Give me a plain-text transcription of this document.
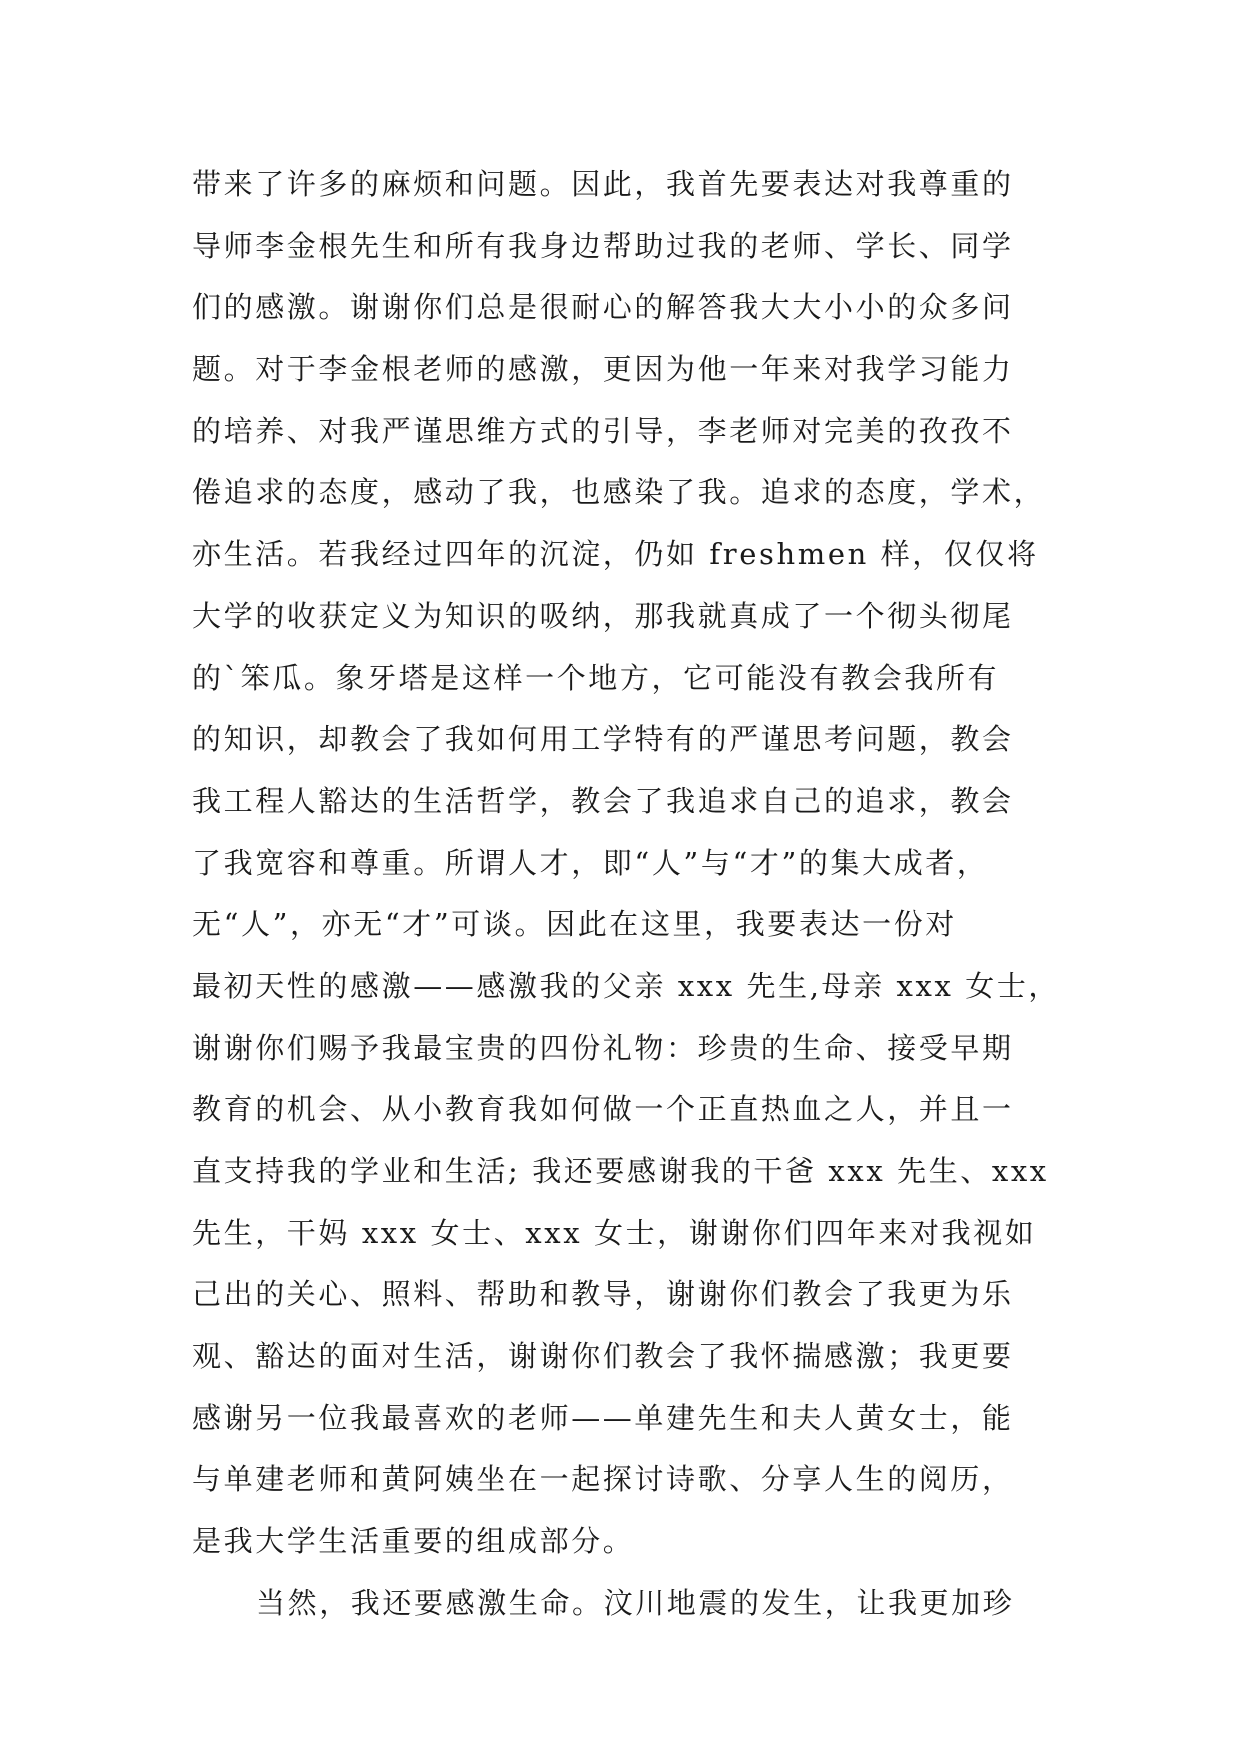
带来了许多的麻烦和问题。因此，我首先要表达对我尊重的
导师李金根先生和所有我身边帮助过我的老师、学长、同学
们的感激。谢谢你们总是很耐心的解答我大大小小的众多问
题。对于李金根老师的感激，更因为他一年来对我学习能力
的培养、对我严谨思维方式的引导，李老师对完美的孜孜不
倦追求的态度，感动了我，也感染了我。追求的态度，学术，
亦生活。若我经过四年的沉淀，仍如 freshmen 样，仅仅将
大学的收获定义为知识的吸纳，那我就真成了一个彻头彻尾
的`笨瓜。象牙塔是这样一个地方，它可能没有教会我所有
的知识，却教会了我如何用工学特有的严谨思考问题，教会
我工程人豁达的生活哲学，教会了我追求自己的追求，教会
了我宽容和尊重。所谓人才，即“人”与“才”的集大成者，
无“人”，亦无“才”可谈。因此在这里，我要表达一份对
最初天性的感激——感激我的父亲 xxx 先生,母亲 xxx 女士，
谢谢你们赐予我最宝贵的四份礼物：珍贵的生命、接受早期
教育的机会、从小教育我如何做一个正直热血之人，并且一
直支持我的学业和生活; 我还要感谢我的干爸 xxx 先生、xxx
先生，干妈 xxx 女士、xxx 女士，谢谢你们四年来对我视如
己出的关心、照料、帮助和教导，谢谢你们教会了我更为乐
观、豁达的面对生活，谢谢你们教会了我怀揣感激；我更要
感谢另一位我最喜欢的老师——单建先生和夫人黄女士，能
与单建老师和黄阿姨坐在一起探讨诗歌、分享人生的阅历，
是我大学生活重要的组成部分。
当然，我还要感激生命。汶川地震的发生，让我更加珍
